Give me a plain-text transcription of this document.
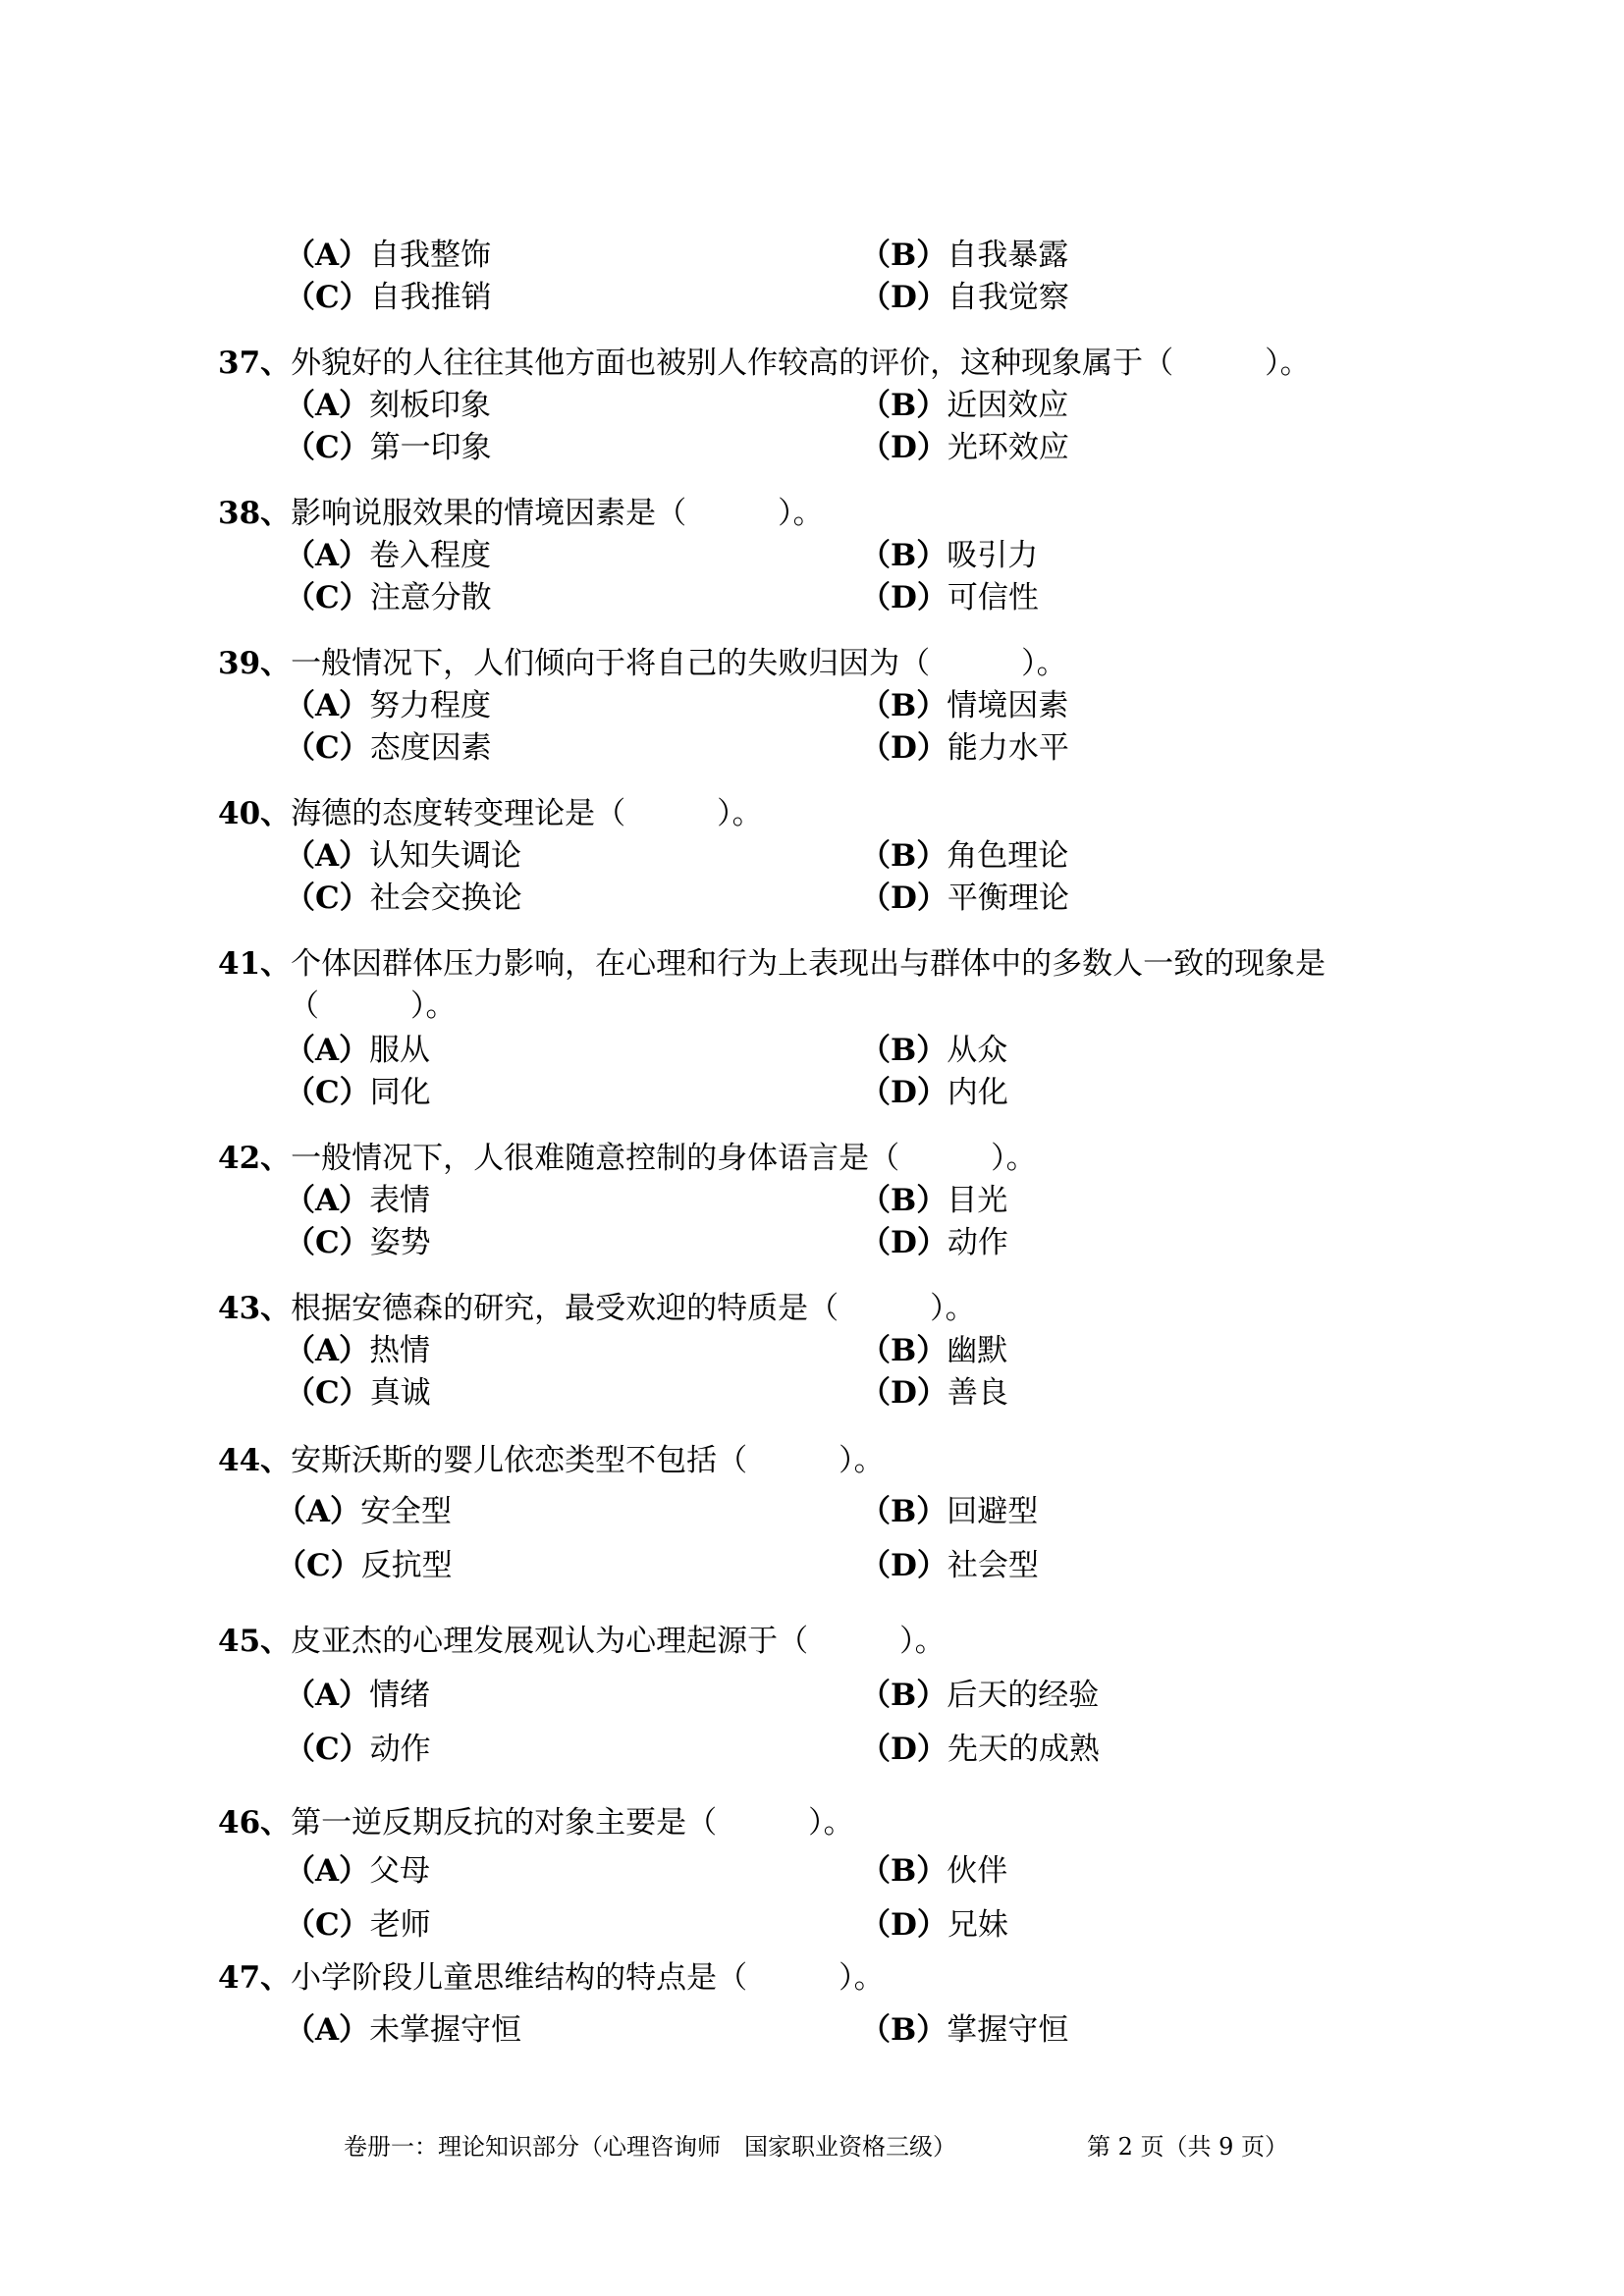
（A）自我整饰	（B）自我暴露
（C）自我推销	（D）自我觉察
37、外貌好的人往往其他方面也被别人作较高的评价，这种现象属于（　　　）。
（A）刻板印象	（B）近因效应
（C）第一印象	（D）光环效应
38、影响说服效果的情境因素是（　　　）。
（A）卷入程度	（B）吸引力
（C）注意分散	（D）可信性
39、一般情况下，人们倾向于将自己的失败归因为（　　　）。
（A）努力程度	（B）情境因素
（C）态度因素	（D）能力水平
40、海德的态度转变理论是（　　　）。
（A）认知失调论	（B）角色理论
（C）社会交换论	（D）平衡理论
41、个体因群体压力影响，在心理和行为上表现出与群体中的多数人一致的现象是
（　　　）。
（A）服从	（B）从众
（C）同化	（D）内化
42、一般情况下，人很难随意控制的身体语言是（　　　）。
（A）表情	（B）目光
（C）姿势	（D）动作
43、根据安德森的研究，最受欢迎的特质是（　　　）。
（A）热情	（B）幽默
（C）真诚	（D）善良
44、安斯沃斯的婴儿依恋类型不包括（　　　）。
（A）安全型	（B）回避型
（C）反抗型	（D）社会型
45、皮亚杰的心理发展观认为心理起源于（　　　）。
（A）情绪	（B）后天的经验
（C）动作	（D）先天的成熟
46、第一逆反期反抗的对象主要是（　　　）。
（A）父母	（B）伙伴
（C）老师	（D）兄妹
47、小学阶段儿童思维结构的特点是（　　　）。
（A）未掌握守恒	（B）掌握守恒
卷册一：理论知识部分（心理咨询师　国家职业资格三级）	第 2 页（共 9 页）
